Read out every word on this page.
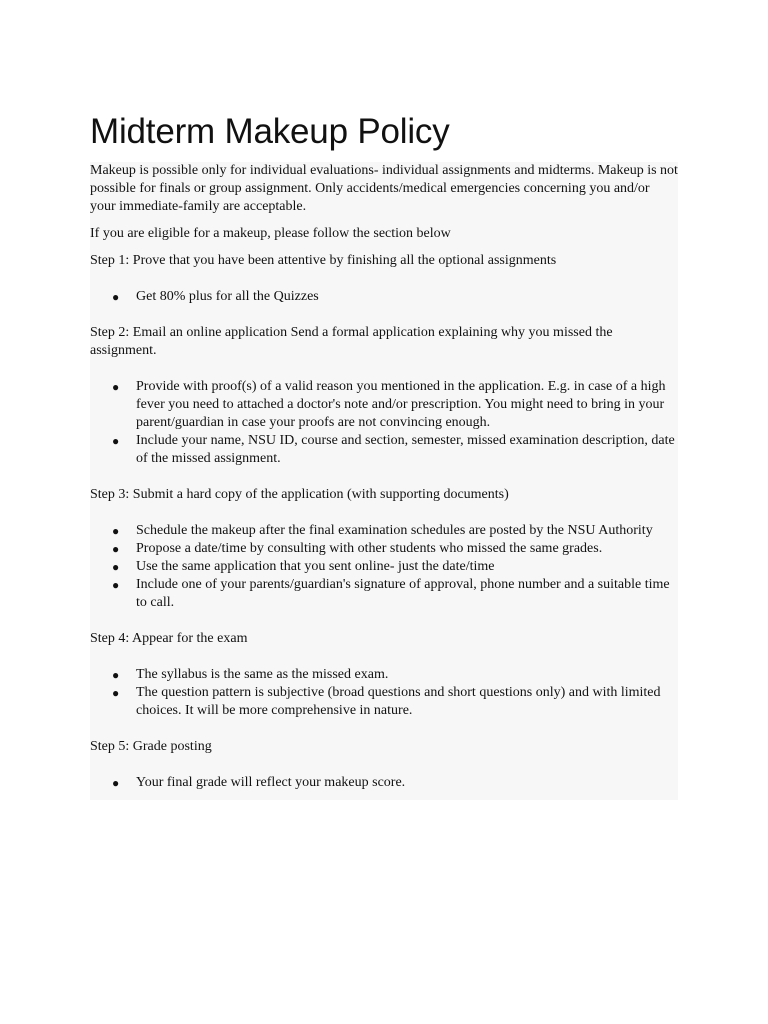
Midterm Makeup Policy

Makeup is possible only for individual evaluations- individual assignments and midterms. Makeup is not possible for finals or group assignment. Only accidents/medical emergencies concerning you and/or your immediate-family are acceptable.

If you are eligible for a makeup, please follow the section below

Step 1: Prove that you have been attentive by finishing all the optional assignments

● Get 80% plus for all the Quizzes

Step 2: Email an online application Send a formal application explaining why you missed the assignment.

● Provide with proof(s) of a valid reason you mentioned in the application. E.g. in case of a high fever you need to attached a doctor's note and/or prescription. You might need to bring in your parent/guardian in case your proofs are not convincing enough.
● Include your name, NSU ID, course and section, semester, missed examination description, date of the missed assignment.

Step 3: Submit a hard copy of the application (with supporting documents)

● Schedule the makeup after the final examination schedules are posted by the NSU Authority
● Propose a date/time by consulting with other students who missed the same grades.
● Use the same application that you sent online- just the date/time
● Include one of your parents/guardian's signature of approval, phone number and a suitable time to call.

Step 4: Appear for the exam

● The syllabus is the same as the missed exam.
● The question pattern is subjective (broad questions and short questions only) and with limited choices. It will be more comprehensive in nature.

Step 5: Grade posting

● Your final grade will reflect your makeup score.
